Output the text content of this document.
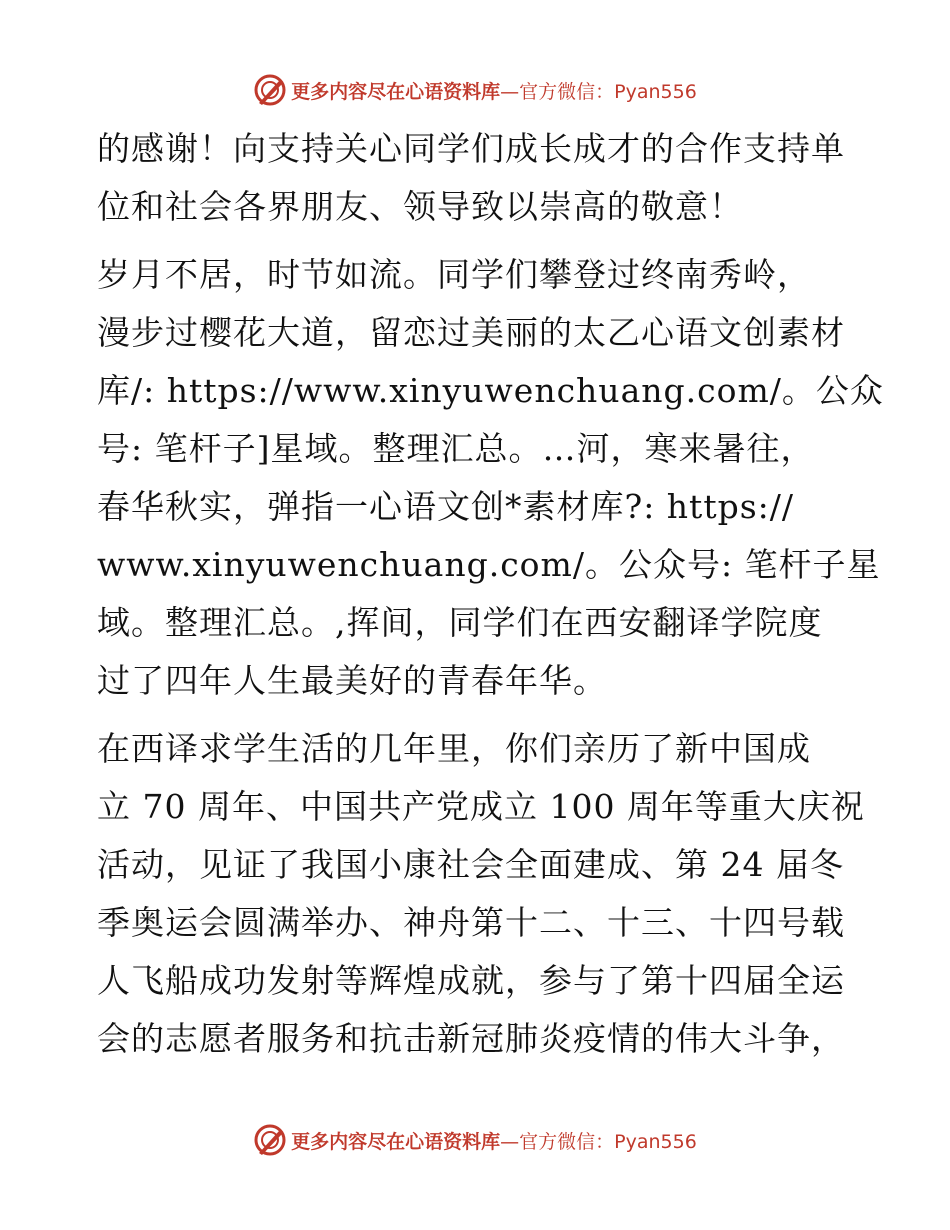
更多内容尽在心语资料库 —官方微信：Pyan556
的感谢！向支持关心同学们成长成才的合作支持单
位和社会各界朋友、领导致以崇高的敬意！
岁月不居，时节如流。同学们攀登过终南秀岭，
漫步过樱花大道，留恋过美丽的太乙心语文创素材
库/: https://www.xinyuwenchuang.com/。公众
号: 笔杆子]星域。整理汇总。…河，寒来暑往，
春华秋实，弹指一心语文创*素材库?: https://
www.xinyuwenchuang.com/。公众号: 笔杆子星
域。整理汇总。,挥间，同学们在西安翻译学院度
过了四年人生最美好的青春年华。
在西译求学生活的几年里，你们亲历了新中国成
立 70 周年、中国共产党成立 100 周年等重大庆祝
活动，见证了我国小康社会全面建成、第 24 届冬
季奥运会圆满举办、神舟第十二、十三、十四号载
人飞船成功发射等辉煌成就，参与了第十四届全运
会的志愿者服务和抗击新冠肺炎疫情的伟大斗争，
更多内容尽在心语资料库 —官方微信：Pyan556
